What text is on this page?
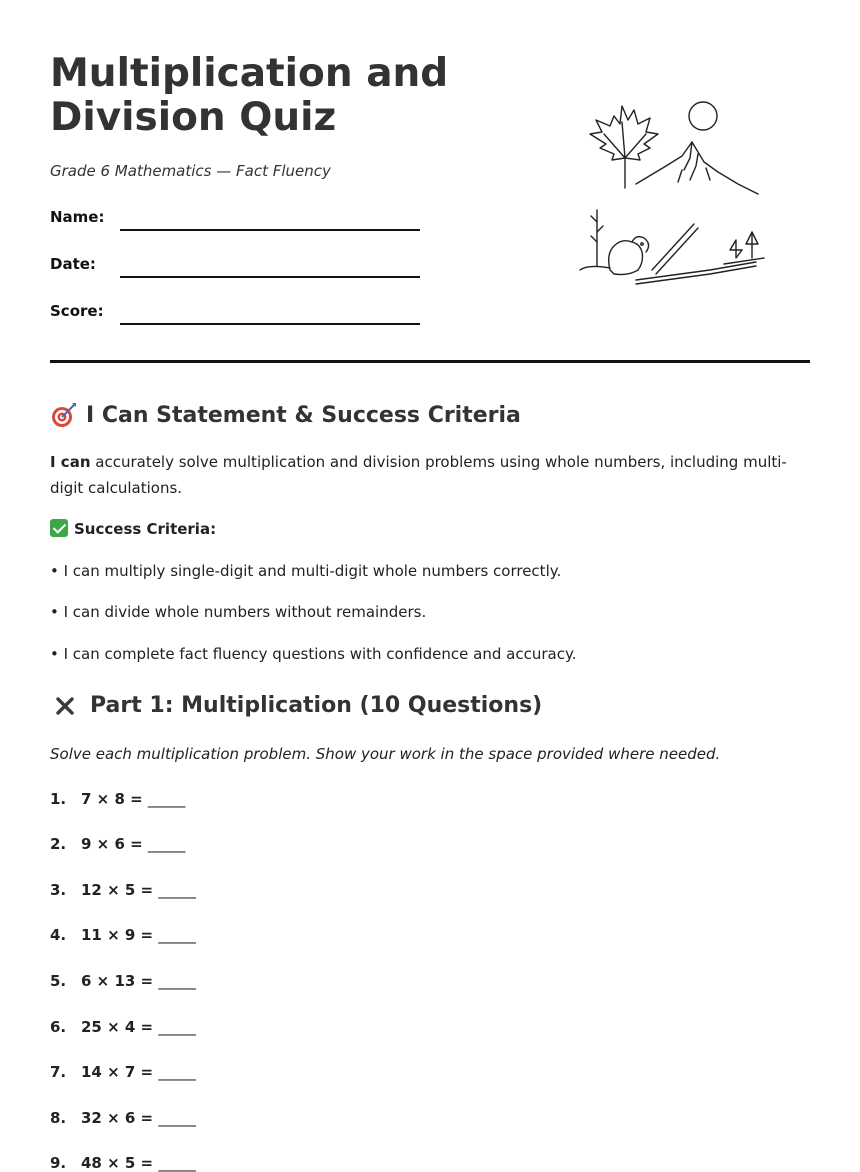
Multiplication and
Division Quiz

Grade 6 Mathematics — Fact Fluency

Name:
Date:
Score:
I Can Statement & Success Criteria

I can accurately solve multiplication and division problems using whole numbers, including multi-digit calculations.

Success Criteria:

• I can multiply single-digit and multi-digit whole numbers correctly.

• I can divide whole numbers without remainders.

• I can complete fact fluency questions with confidence and accuracy.

Part 1: Multiplication (10 Questions)

Solve each multiplication problem. Show your work in the space provided where needed.

1. 7 × 8 =
_____

2. 9 × 6 =
_____

3. 12 × 5 =
_____

4. 11 × 9 =
_____

5. 6 × 13 =
_____

6. 25 × 4 =
_____

7. 14 × 7 =
_____

8. 32 × 6 =
_____

9. 48 × 5 =
_____
